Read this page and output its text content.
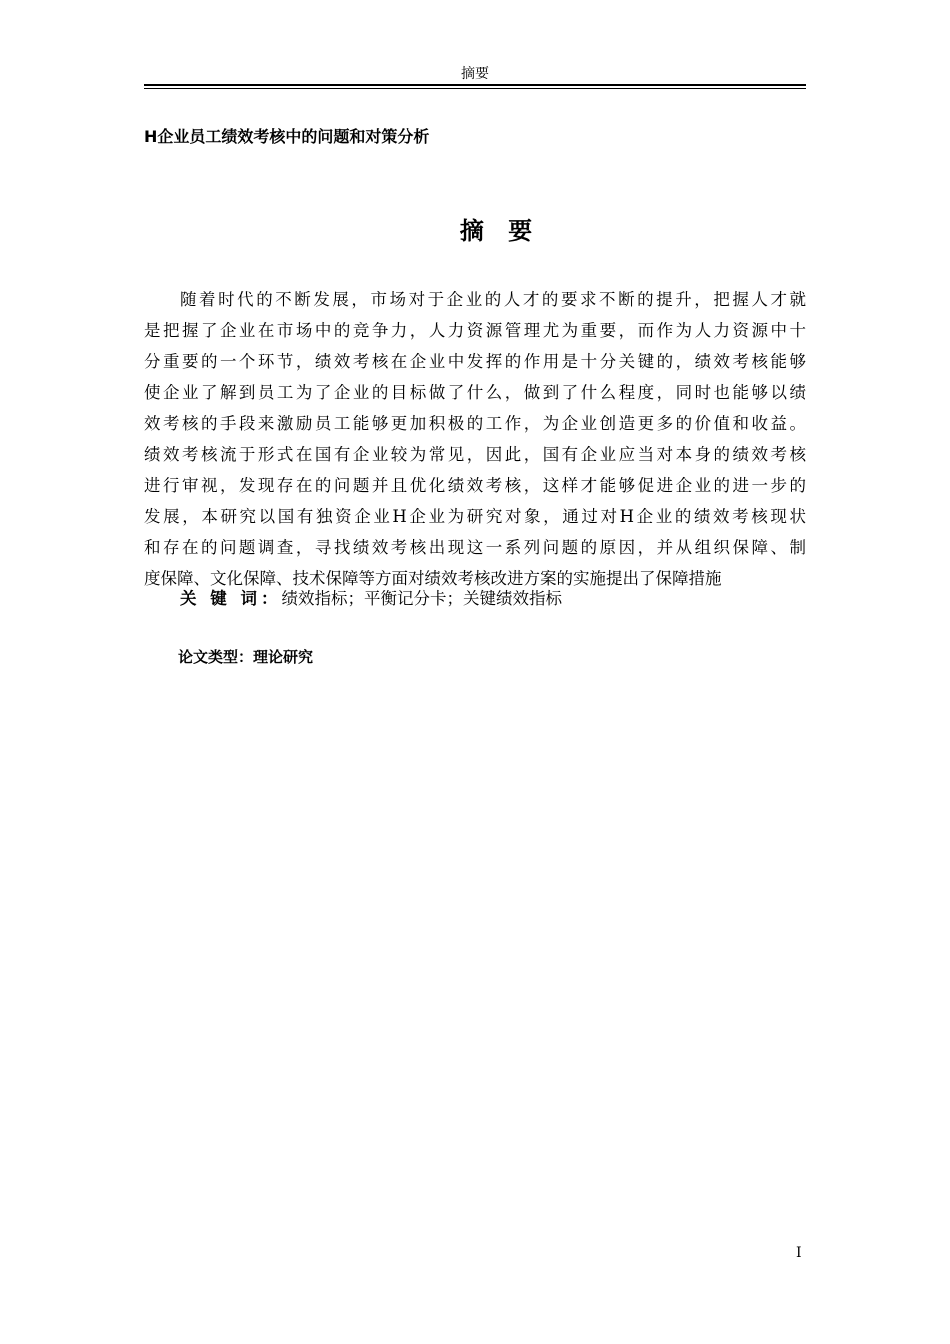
摘要
H企业员工绩效考核中的问题和对策分析
摘 要
随着时代的不断发展，市场对于企业的人才的要求不断的提升，把握人才就
是把握了企业在市场中的竞争力，人力资源管理尤为重要，而作为人力资源中十
分重要的一个环节，绩效考核在企业中发挥的作用是十分关键的，绩效考核能够
使企业了解到员工为了企业的目标做了什么，做到了什么程度，同时也能够以绩
效考核的手段来激励员工能够更加积极的工作，为企业创造更多的价值和收益。
绩效考核流于形式在国有企业较为常见，因此，国有企业应当对本身的绩效考核
进行审视，发现存在的问题并且优化绩效考核，这样才能够促进企业的进一步的
发展，本研究以国有独资企业H企业为研究对象，通过对H企业的绩效考核现状
和存在的问题调查，寻找绩效考核出现这一系列问题的原因，并从组织保障、制
度保障、文化保障、技术保障等方面对绩效考核改进方案的实施提出了保障措施
关 键 词：绩效指标；平衡记分卡；关键绩效指标
论文类型：理论研究
I
